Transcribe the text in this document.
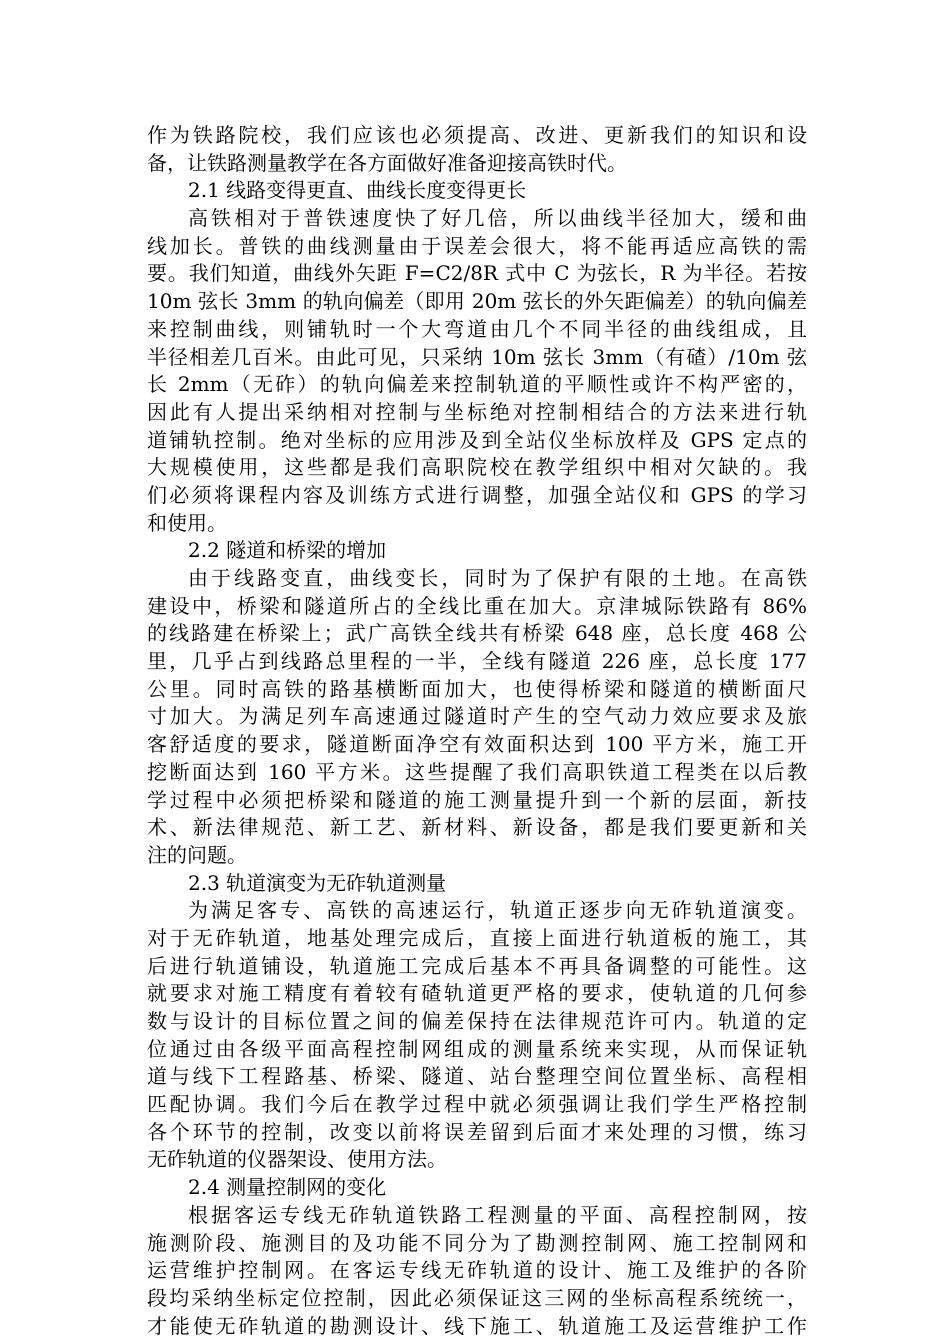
作为铁路院校，我们应该也必须提高、改进、更新我们的知识和设
备，让铁路测量教学在各方面做好准备迎接高铁时代。
2.1 线路变得更直、曲线长度变得更长
高铁相对于普铁速度快了好几倍，所以曲线半径加大，缓和曲
线加长。普铁的曲线测量由于误差会很大，将不能再适应高铁的需
要。我们知道，曲线外矢距 F=C2/8R 式中 C 为弦长，R 为半径。若按
10m 弦长 3mm 的轨向偏差（即用 20m 弦长的外矢距偏差）的轨向偏差
来控制曲线，则铺轨时一个大弯道由几个不同半径的曲线组成，且
半径相差几百米。由此可见，只采纳 10m 弦长 3mm（有碴）/10m 弦
长 2mm（无砟）的轨向偏差来控制轨道的平顺性或许不构严密的，
因此有人提出采纳相对控制与坐标绝对控制相结合的方法来进行轨
道铺轨控制。绝对坐标的应用涉及到全站仪坐标放样及 GPS 定点的
大规模使用，这些都是我们高职院校在教学组织中相对欠缺的。我
们必须将课程内容及训练方式进行调整，加强全站仪和 GPS 的学习
和使用。
2.2 隧道和桥梁的增加
由于线路变直，曲线变长，同时为了保护有限的土地。在高铁
建设中，桥梁和隧道所占的全线比重在加大。京津城际铁路有 86%
的线路建在桥梁上；武广高铁全线共有桥梁 648 座，总长度 468 公
里，几乎占到线路总里程的一半，全线有隧道 226 座，总长度 177
公里。同时高铁的路基横断面加大，也使得桥梁和隧道的横断面尺
寸加大。为满足列车高速通过隧道时产生的空气动力效应要求及旅
客舒适度的要求，隧道断面净空有效面积达到 100 平方米，施工开
挖断面达到 160 平方米。这些提醒了我们高职铁道工程类在以后教
学过程中必须把桥梁和隧道的施工测量提升到一个新的层面，新技
术、新法律规范、新工艺、新材料、新设备，都是我们要更新和关
注的问题。
2.3 轨道演变为无砟轨道测量
为满足客专、高铁的高速运行，轨道正逐步向无砟轨道演变。
对于无砟轨道，地基处理完成后，直接上面进行轨道板的施工，其
后进行轨道铺设，轨道施工完成后基本不再具备调整的可能性。这
就要求对施工精度有着较有碴轨道更严格的要求，使轨道的几何参
数与设计的目标位置之间的偏差保持在法律规范许可内。轨道的定
位通过由各级平面高程控制网组成的测量系统来实现，从而保证轨
道与线下工程路基、桥梁、隧道、站台整理空间位置坐标、高程相
匹配协调。我们今后在教学过程中就必须强调让我们学生严格控制
各个环节的控制，改变以前将误差留到后面才来处理的习惯，练习
无砟轨道的仪器架设、使用方法。
2.4 测量控制网的变化
根据客运专线无砟轨道铁路工程测量的平面、高程控制网，按
施测阶段、施测目的及功能不同分为了勘测控制网、施工控制网和
运营维护控制网。在客运专线无砟轨道的设计、施工及维护的各阶
段均采纳坐标定位控制，因此必须保证这三网的坐标高程系统统一，
才能使无砟轨道的勘测设计、线下施工、轨道施工及运营维护工作
